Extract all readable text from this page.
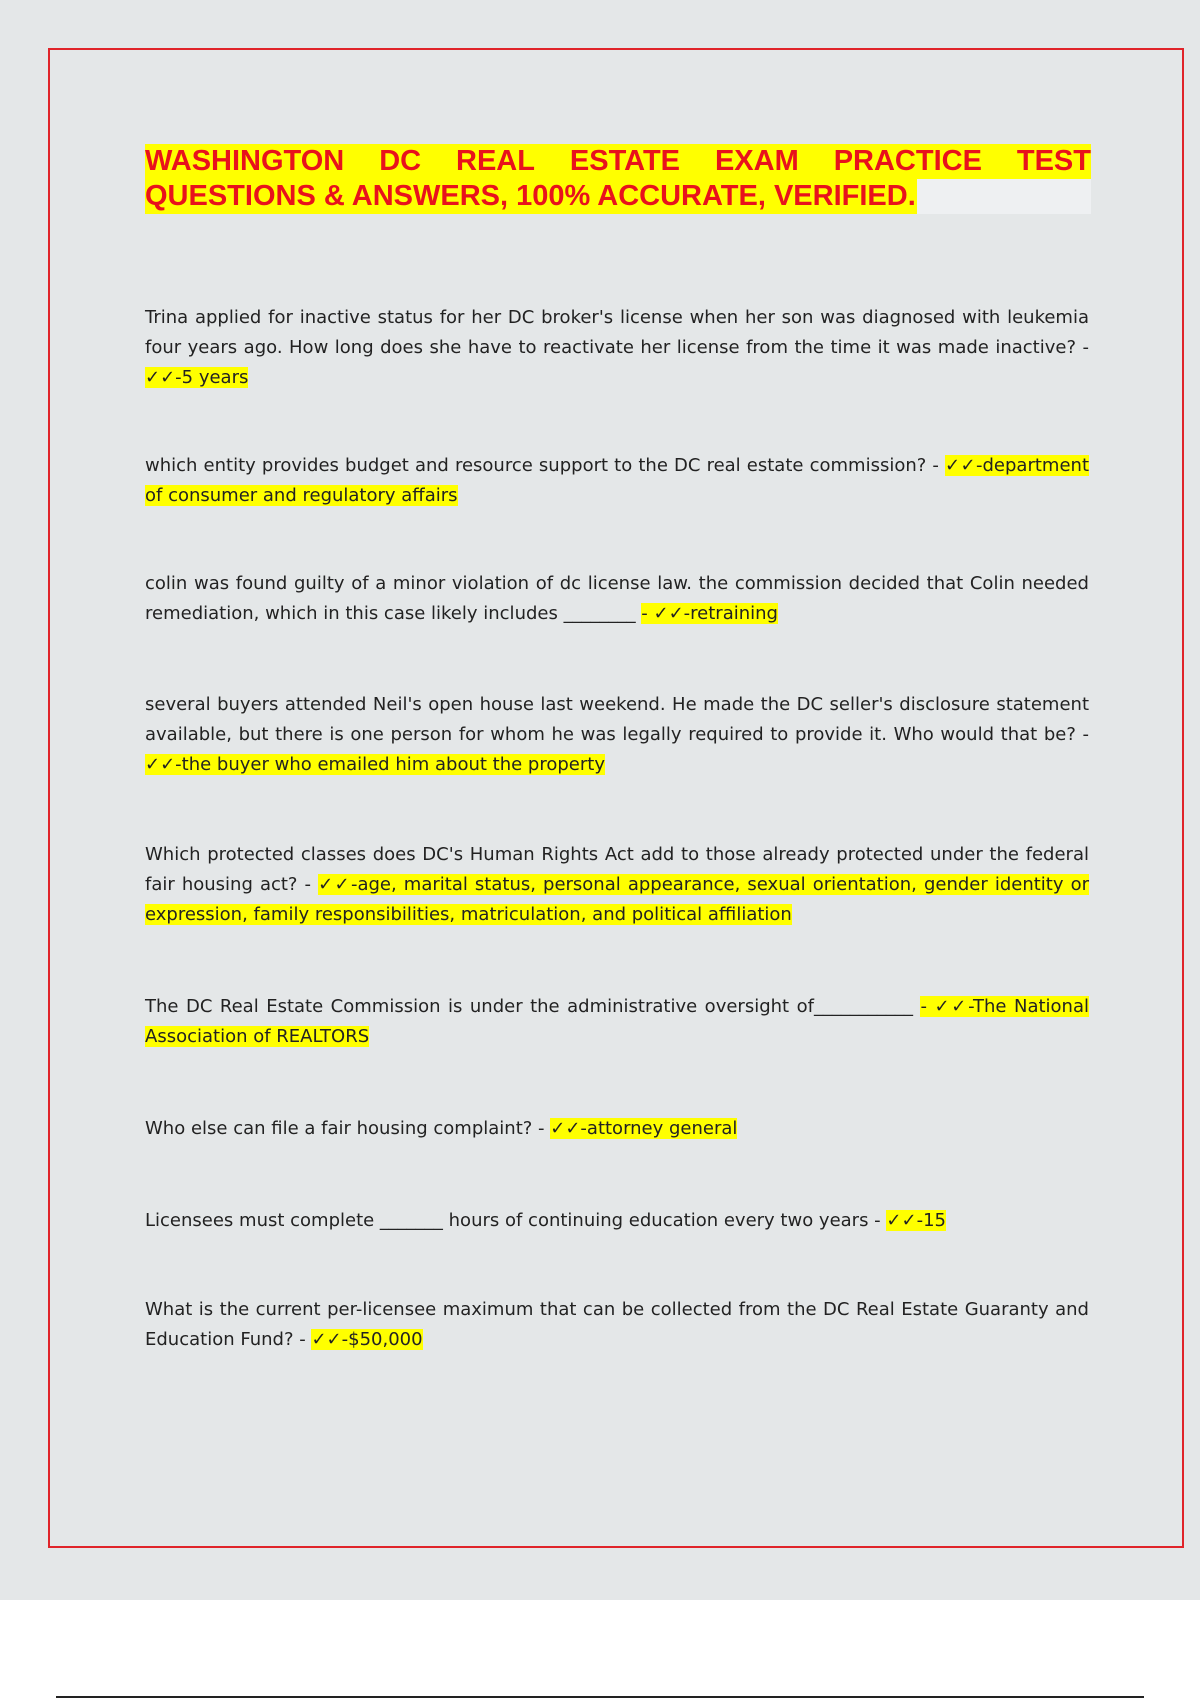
WASHINGTON DC REAL ESTATE EXAM PRACTICE TEST
QUESTIONS & ANSWERS, 100% ACCURATE, VERIFIED.

Trina applied for inactive status for her DC broker's license when her son was diagnosed with leukemia four years ago. How long does she have to reactivate her license from the time it was made inactive? - ✓✓-5 years

which entity provides budget and resource support to the DC real estate commission? - ✓✓-department of consumer and regulatory affairs

colin was found guilty of a minor violation of dc license law. the commission decided that Colin needed remediation, which in this case likely includes ________ - ✓✓-retraining

several buyers attended Neil's open house last weekend. He made the DC seller's disclosure statement available, but there is one person for whom he was legally required to provide it. Who would that be? - ✓✓-the buyer who emailed him about the property

Which protected classes does DC's Human Rights Act add to those already protected under the federal fair housing act? - ✓✓-age, marital status, personal appearance, sexual orientation, gender identity or expression, family responsibilities, matriculation, and political affiliation

The DC Real Estate Commission is under the administrative oversight of___________ - ✓✓-The National Association of REALTORS

Who else can file a fair housing complaint? - ✓✓-attorney general

Licensees must complete _______ hours of continuing education every two years - ✓✓-15

What is the current per-licensee maximum that can be collected from the DC Real Estate Guaranty and Education Fund? - ✓✓-$50,000
